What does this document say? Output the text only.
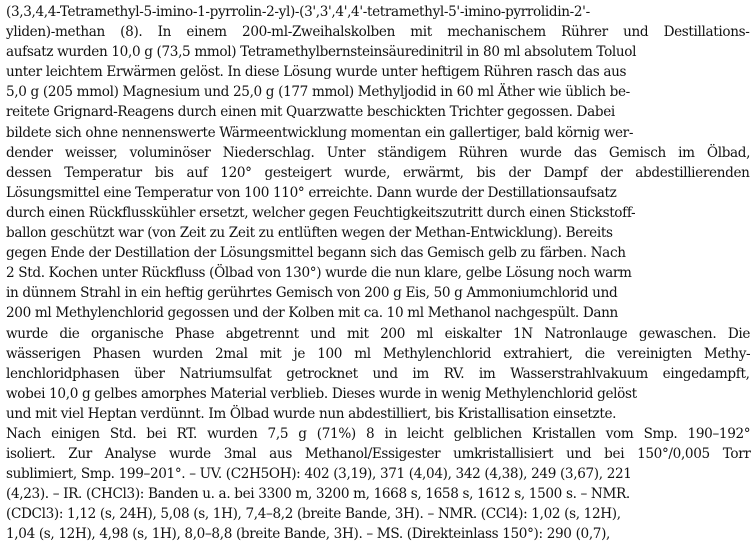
(3,3,4,4-Tetramethyl-5-imino-1-pyrrolin-2-yl)-(3',3',4',4'-tetramethyl-5'-imino-pyrrolidin-2'-
yliden)-methan (8). In einem 200-ml-Zweihalskolben mit mechanischem Rührer und Destillations-
aufsatz wurden 10,0 g (73,5 mmol) Tetramethylbernsteinsäuredinitril in 80 ml absolutem Toluol
unter leichtem Erwärmen gelöst. In diese Lösung wurde unter heftigem Rühren rasch das aus
5,0 g (205 mmol) Magnesium und 25,0 g (177 mmol) Methyljodid in 60 ml Äther wie üblich be-
reitete Grignard-Reagens durch einen mit Quarzwatte beschickten Trichter gegossen. Dabei
bildete sich ohne nennenswerte Wärmeentwicklung momentan ein gallertiger, bald körnig wer-
dender weisser, voluminöser Niederschlag. Unter ständigem Rühren wurde das Gemisch im Ölbad,
dessen Temperatur bis auf 120° gesteigert wurde, erwärmt, bis der Dampf der abdestillierenden
Lösungsmittel eine Temperatur von 100 110° erreichte. Dann wurde der Destillationsaufsatz
durch einen Rückflusskühler ersetzt, welcher gegen Feuchtigkeitszutritt durch einen Stickstoff-
ballon geschützt war (von Zeit zu Zeit zu entlüften wegen der Methan-Entwicklung). Bereits
gegen Ende der Destillation der Lösungsmittel begann sich das Gemisch gelb zu färben. Nach
2 Std. Kochen unter Rückfluss (Ölbad von 130°) wurde die nun klare, gelbe Lösung noch warm
in dünnem Strahl in ein heftig gerührtes Gemisch von 200 g Eis, 50 g Ammoniumchlorid und
200 ml Methylenchlorid gegossen und der Kolben mit ca. 10 ml Methanol nachgespült. Dann
wurde die organische Phase abgetrennt und mit 200 ml eiskalter 1N Natronlauge gewaschen. Die
wässerigen Phasen wurden 2mal mit je 100 ml Methylenchlorid extrahiert, die vereinigten Methy-
lenchloridphasen über Natriumsulfat getrocknet und im RV. im Wasserstrahlvakuum eingedampft,
wobei 10,0 g gelbes amorphes Material verblieb. Dieses wurde in wenig Methylenchlorid gelöst
und mit viel Heptan verdünnt. Im Ölbad wurde nun abdestilliert, bis Kristallisation einsetzte.
Nach einigen Std. bei RT. wurden 7,5 g (71%) 8 in leicht gelblichen Kristallen vom Smp. 190–192°
isoliert. Zur Analyse wurde 3mal aus Methanol/Essigester umkristallisiert und bei 150°/0,005 Torr
sublimiert, Smp. 199–201°. – UV. (C2H5OH): 402 (3,19), 371 (4,04), 342 (4,38), 249 (3,67), 221
(4,23). – IR. (CHCl3): Banden u. a. bei 3300 m, 3200 m, 1668 s, 1658 s, 1612 s, 1500 s. – NMR.
(CDCl3): 1,12 (s, 24H), 5,08 (s, 1H), 7,4–8,2 (breite Bande, 3H). – NMR. (CCl4): 1,02 (s, 12H),
1,04 (s, 12H), 4,98 (s, 1H), 8,0–8,8 (breite Bande, 3H). – MS. (Direkteinlass 150°): 290 (0,7),
